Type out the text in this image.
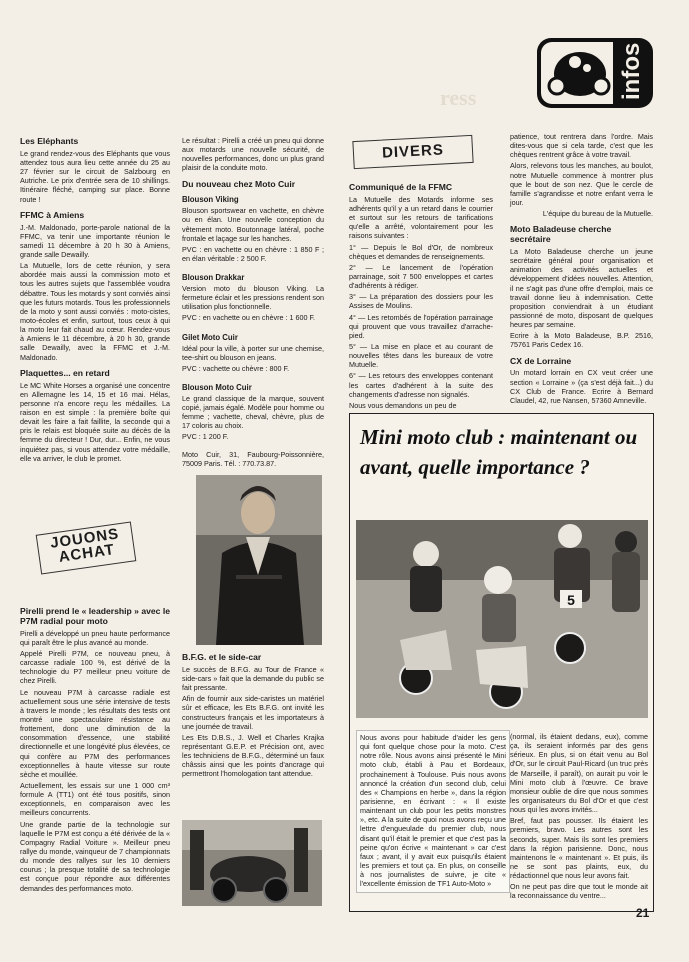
ress	infos
Les Eléphants

Le grand rendez-vous des Eléphants que vous attendez tous aura lieu cette année du 25 au 27 février sur le circuit de Salzbourg en Autriche. Le prix d'entrée sera de 10 shillings. Itinéraire fléché, camping sur place. Bonne route !

FFMC à Amiens

J.-M. Maldonado, porte-parole national de la FFMC, va tenir une importante réunion le samedi 11 décembre à 20 h 30 à Amiens, grande salle Dewailly.

La Mutuelle, lors de cette réunion, y sera abordée mais aussi la commission moto et tous les autres sujets que l'assemblée voudra débattre. Tous les motards y sont conviés ainsi que les futurs motards. Tous les professionnels de la moto y sont aussi conviés : moto-cistes, moto-écoles et enfin, surtout, tous ceux à qui la moto leur fait chaud au cœur. Rendez-vous à Amiens le 11 décembre, à 20 h 30, grande salle Dewailly, avec la FFMC et J.-M. Maldonado.

Plaquettes... en retard

Le MC White Horses a organisé une concentre en Allemagne les 14, 15 et 16 mai. Hélas, personne n'a encore reçu les médailles. La raison en est simple : la première boîte qui devait les faire a fait faillite, la seconde qui a pris le relais est bloquée suite au décès de la femme du directeur ! Dur, dur... Enfin, ne vous inquiétez pas, si vous attendez votre médaille, elle va arriver, le club le promet.

JOUONS ACHAT
Pirelli prend le « leadership » avec le P7M radial pour moto

Pirelli a développé un pneu haute performance qui paraît être le plus avancé au monde.

Appelé Pirelli P7M, ce nouveau pneu, à carcasse radiale 100 %, est dérivé de la technologie du P7 meilleur pneu voiture de chez Pirelli.

Le nouveau P7M à carcasse radiale est actuellement sous une série intensive de tests à travers le monde ; les résultats des tests ont montré une spectaculaire résistance au frottement, donc une diminution de la consommation d'essence, une stabilité directionnelle et une longévité plus élevées, ce qui confère au P7M des performances exceptionnelles à haute vitesse sur route sèche et mouillée.

Actuellement, les essais sur une 1 000 cm³ formule A (TT1) ont été tous positifs, sinon exceptionnels, en comparaison avec les meilleurs concurrents.

Une grande partie de la technologie sur laquelle le P7M est conçu a été dérivée de la « Compagny Radial Voiture ». Meilleur pneu rallye du monde, vainqueur de 7 championnats du monde des rallyes sur les 10 derniers courus ; la presque totalité de sa technologie est conçue pour répondre aux différentes demandes des performances moto.

Le résultat : Pirelli a créé un pneu qui donne aux motards une nouvelle sécurité, de nouvelles performances, donc un plus grand plaisir de la conduite moto.

Du nouveau chez Moto Cuir
Blouson Viking

Blouson sportswear en vachette, en chèvre ou en élan. Une nouvelle conception du vêtement moto. Boutonnage latéral, poche frontale et laçage sur les hanches.

PVC : en vachette ou en chèvre : 1 850 F ; en élan véritable : 2 500 F.

Blouson Drakkar

Version moto du blouson Viking. La fermeture éclair et les pressions rendent son utilisation plus fonctionnelle.

PVC : en vachette ou en chèvre : 1 600 F.

Gilet Moto Cuir

Idéal pour la ville, à porter sur une chemise, tee-shirt ou blouson en jeans.

PVC : vachette ou chèvre : 800 F.

Blouson Moto Cuir

Le grand classique de la marque, souvent copié, jamais égalé. Modèle pour homme ou femme ; vachette, cheval, chèvre, plus de 17 coloris au choix.

PVC : 1 200 F.

Moto Cuir, 31, Faubourg-Poissonnière, 75009 Paris. Tél. : 770.73.87.

B.F.G. et le side-car

Le succès de B.F.G. au Tour de France « side-cars » fait que la demande du public se fait pressante.

Afin de fournir aux side-caristes un matériel sûr et efficace, les Ets B.F.G. ont invité les constructeurs français et les importateurs à une journée de travail.

Les Ets D.B.S., J. Well et Charles Krajka représentant G.E.P. et Précision ont, avec les techniciens de B.F.G., déterminé un faux châssis ainsi que les points d'ancrage qui permettront l'homologation tant attendue.

DIVERS
Communiqué de la FFMC

La Mutuelle des Motards informe ses adhérents qu'il y a un retard dans le courrier et surtout sur les retours de tarifications qu'elle a arrêté, volontairement pour les raisons suivantes :

1° — Depuis le Bol d'Or, de nombreux chèques et demandes de renseignements.

2° — Le lancement de l'opération parrainage, soit 7 500 enveloppes et cartes d'adhérents à rédiger.

3° — La préparation des dossiers pour les Assises de Moulins.

4° — Les retombés de l'opération parrainage qui prouvent que vous travaillez d'arrache-pied.

5° — La mise en place et au courant de nouvelles têtes dans les bureaux de votre Mutuelle.

6° — Les retours des enveloppes contenant les cartes d'adhérent à la suite des changements d'adresse non signalés.

Nous vous demandons un peu de

patience, tout rentrera dans l'ordre. Mais dites-vous que si cela tarde, c'est que les chèques rentrent grâce à votre travail.

Alors, relevons tous les manches, au boulot, notre Mutuelle commence à montrer plus que le bout de son nez. Que le cercle de famille s'agrandisse et notre enfant verra le jour.

L'équipe du bureau de la Mutuelle.

Moto Baladeuse cherche secrétaire

La Moto Baladeuse cherche un jeune secrétaire général pour organisation et animation des activités actuelles et développement d'idées nouvelles. Attention, il ne s'agit pas d'une offre d'emploi, mais ce travail donne lieu à indemnisation. Cette proposition conviendrait à un étudiant passionné de moto, disposant de quelques heures par semaine.

Ecrire à la Moto Baladeuse, B.P. 2516, 75761 Paris Cedex 16.

CX de Lorraine

Un motard lorrain en CX veut créer une section « Lorraine » (ça s'est déjà fait...) du CX Club de France. Ecrire à Bernard Claudel, 42, rue Nansen, 57360 Amneville.

Mini moto club : maintenant ou avant, quelle importance ?
5

Nous avons pour habitude d'aider les gens qui font quelque chose pour la moto. C'est notre rôle. Nous avons ainsi présenté le Mini moto club, établi à Pau et Bordeaux, prochainement à Toulouse. Puis nous avons annoncé la création d'un second club, celui des « Champions en herbe », dans la région parisienne, en écrivant : « Il existe maintenant un club pour les petits monstres », etc. A la suite de quoi nous avons reçu une lettre d'engueulade du premier club, nous disant qu'il était le premier et que c'est pas la peine qu'on écrive « maintenant » car c'est faux ; avant, il y avait eux puisqu'ils étaient les premiers et tout ça. En plus, on conseille à nos journalistes de suivre, je cite « l'excellente émission de TF1 Auto-Moto »

(normal, ils étaient dedans, eux), comme ça, ils seraient informés par des gens sérieux. En plus, si on était venu au Bol d'Or, sur le circuit Paul-Ricard (un truc près de Marseille, il paraît), on aurait pu voir le Mini moto club à l'œuvre. Ce brave monsieur oublie de dire que nous sommes les organisateurs du Bol d'Or et que c'est nous qui les avons invités...

Bref, faut pas pousser. Ils étaient les premiers, bravo. Les autres sont les seconds, super. Mais ils sont les premiers dans la région parisienne. Donc, nous maintenons le « maintenant ». Et puis, ils ne se sont pas plaints, eux, du rédactionnel que nous leur avons fait.

On ne peut pas dire que tout le monde ait la reconnaissance du ventre...

21
